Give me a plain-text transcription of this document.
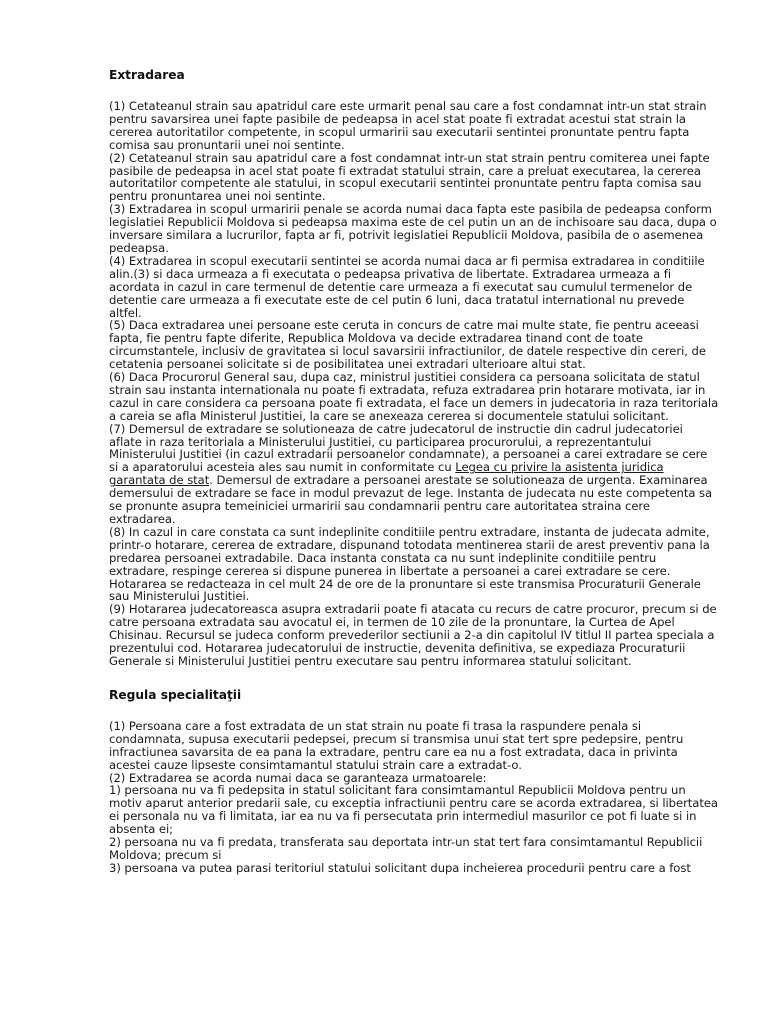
Extradarea

(1) Cetateanul strain sau apatridul care este urmarit penal sau care a fost condamnat intr-un stat strain pentru savarsirea unei fapte pasibile de pedeapsa in acel stat poate fi extradat acestui stat strain la cererea autoritatilor competente, in scopul urmaririi sau executarii sentintei pronuntate pentru fapta comisa sau pronuntarii unei noi sentinte.

(2) Cetateanul strain sau apatridul care a fost condamnat intr-un stat strain pentru comiterea unei fapte pasibile de pedeapsa in acel stat poate fi extradat statului strain, care a preluat executarea, la cererea autoritatilor competente ale statului, in scopul executarii sentintei pronuntate pentru fapta comisa sau pentru pronuntarea unei noi sentinte.

(3) Extradarea in scopul urmaririi penale se acorda numai daca fapta este pasibila de pedeapsa conform legislatiei Republicii Moldova si pedeapsa maxima este de cel putin un an de inchisoare sau daca, dupa o inversare similara a lucrurilor, fapta ar fi, potrivit legislatiei Republicii Moldova, pasibila de o asemenea pedeapsa.

(4) Extradarea in scopul executarii sentintei se acorda numai daca ar fi permisa extradarea in conditiile alin.(3) si daca urmeaza a fi executata o pedeapsa privativa de libertate. Extradarea urmeaza a fi acordata in cazul in care termenul de detentie care urmeaza a fi executat sau cumulul termenelor de detentie care urmeaza a fi executate este de cel putin 6 luni, daca tratatul international nu prevede altfel.

(5) Daca extradarea unei persoane este ceruta in concurs de catre mai multe state, fie pentru aceeasi fapta, fie pentru fapte diferite, Republica Moldova va decide extradarea tinand cont de toate circumstantele, inclusiv de gravitatea si locul savarsirii infractiunilor, de datele respective din cereri, de cetatenia persoanei solicitate si de posibilitatea unei extradari ulterioare altui stat.

(6) Daca Procurorul General sau, dupa caz, ministrul justitiei considera ca persoana solicitata de statul strain sau instanta internationala nu poate fi extradata, refuza extradarea prin hotarare motivata, iar in cazul in care considera ca persoana poate fi extradata, el face un demers in judecatoria in raza teritoriala a careia se afla Ministerul Justitiei, la care se anexeaza cererea si documentele statului solicitant.

(7) Demersul de extradare se solutioneaza de catre judecatorul de instructie din cadrul judecatoriei aflate in raza teritoriala a Ministerului Justitiei, cu participarea procurorului, a reprezentantului Ministerului Justitiei (in cazul extradarii persoanelor condamnate), a persoanei a carei extradare se cere si a aparatorului acesteia ales sau numit in conformitate cu Legea cu privire la asistenta juridica garantata de stat. Demersul de extradare a persoanei arestate se solutioneaza de urgenta. Examinarea demersului de extradare se face in modul prevazut de lege. Instanta de judecata nu este competenta sa se pronunte asupra temeiniciei urmaririi sau condamnarii pentru care autoritatea straina cere extradarea.

(8) In cazul in care constata ca sunt indeplinite conditiile pentru extradare, instanta de judecata admite, printr-o hotarare, cererea de extradare, dispunand totodata mentinerea starii de arest preventiv pana la predarea persoanei extradabile. Daca instanta constata ca nu sunt indeplinite conditiile pentru extradare, respinge cererea si dispune punerea in libertate a persoanei a carei extradare se cere. Hotararea se redacteaza in cel mult 24 de ore de la pronuntare si este transmisa Procuraturii Generale sau Ministerului Justitiei.

(9) Hotararea judecatoreasca asupra extradarii poate fi atacata cu recurs de catre procuror, precum si de catre persoana extradata sau avocatul ei, in termen de 10 zile de la pronuntare, la Curtea de Apel Chisinau. Recursul se judeca conform prevederilor sectiunii a 2-a din capitolul IV titlul II partea speciala a prezentului cod. Hotararea judecatorului de instructie, devenita definitiva, se expediaza Procuraturii Generale si Ministerului Justitiei pentru executare sau pentru informarea statului solicitant.

Regula specialitaţii

(1) Persoana care a fost extradata de un stat strain nu poate fi trasa la raspundere penala si condamnata, supusa executarii pedepsei, precum si transmisa unui stat tert spre pedepsire, pentru infractiunea savarsita de ea pana la extradare, pentru care ea nu a fost extradata, daca in privinta acestei cauze lipseste consimtamantul statului strain care a extradat-o.

(2) Extradarea se acorda numai daca se garanteaza urmatoarele:

1) persoana nu va fi pedepsita in statul solicitant fara consimtamantul Republicii Moldova pentru un motiv aparut anterior predarii sale, cu exceptia infractiunii pentru care se acorda extradarea, si libertatea ei personala nu va fi limitata, iar ea nu va fi persecutata prin intermediul masurilor ce pot fi luate si in absenta ei;

2) persoana nu va fi predata, transferata sau deportata intr-un stat tert fara consimtamantul Republicii Moldova; precum si

3) persoana va putea parasi teritoriul statului solicitant dupa incheierea procedurii pentru care a fost
